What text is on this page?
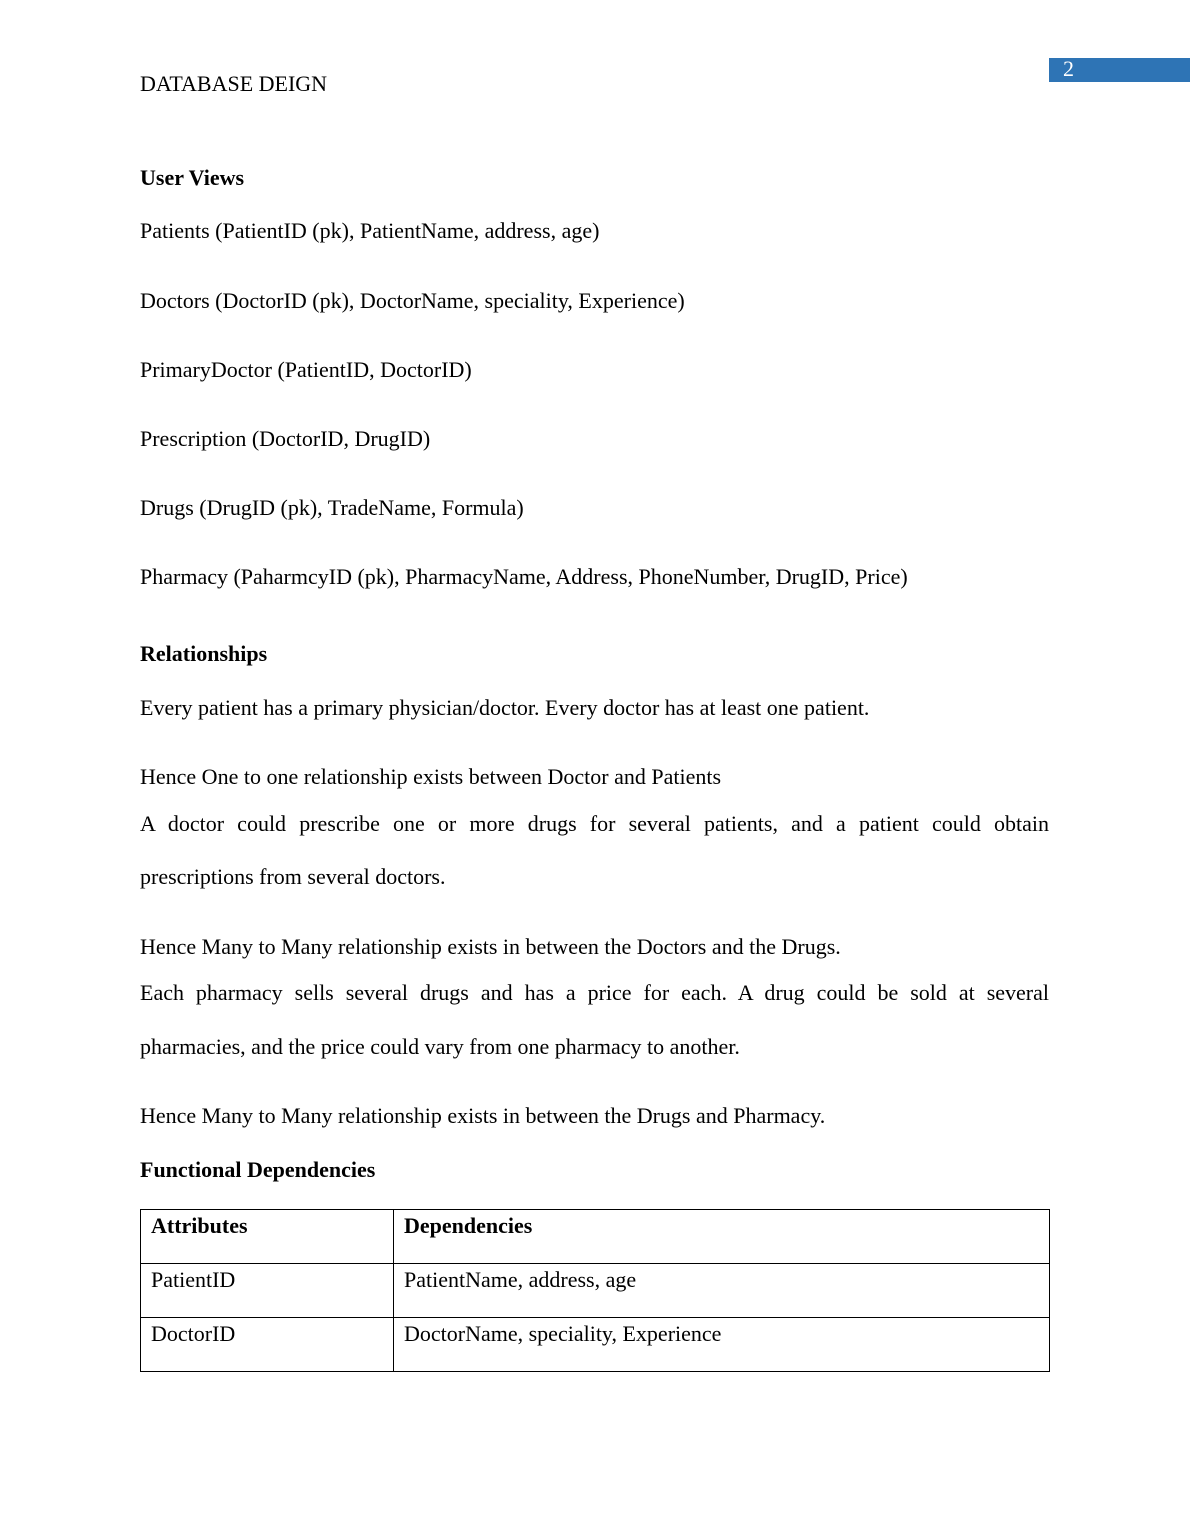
2
DATABASE DEIGN
User Views
Patients (PatientID (pk), PatientName, address, age)
Doctors (DoctorID (pk), DoctorName, speciality, Experience)
PrimaryDoctor (PatientID, DoctorID)
Prescription (DoctorID, DrugID)
Drugs (DrugID (pk), TradeName, Formula)
Pharmacy (PaharmcyID (pk), PharmacyName, Address, PhoneNumber, DrugID, Price)
Relationships
Every patient has a primary physician/doctor. Every doctor has at least one patient.
Hence One to one relationship exists between Doctor and Patients
A doctor could prescribe one or more drugs for several patients, and a patient could obtain
prescriptions from several doctors.
Hence Many to Many relationship exists in between the Doctors and the Drugs.
Each pharmacy sells several drugs and has a price for each. A drug could be sold at several
pharmacies, and the price could vary from one pharmacy to another.
Hence Many to Many relationship exists in between the Drugs and Pharmacy.
Functional Dependencies
Attributes	Dependencies
PatientID	PatientName, address, age
DoctorID	DoctorName, speciality, Experience
